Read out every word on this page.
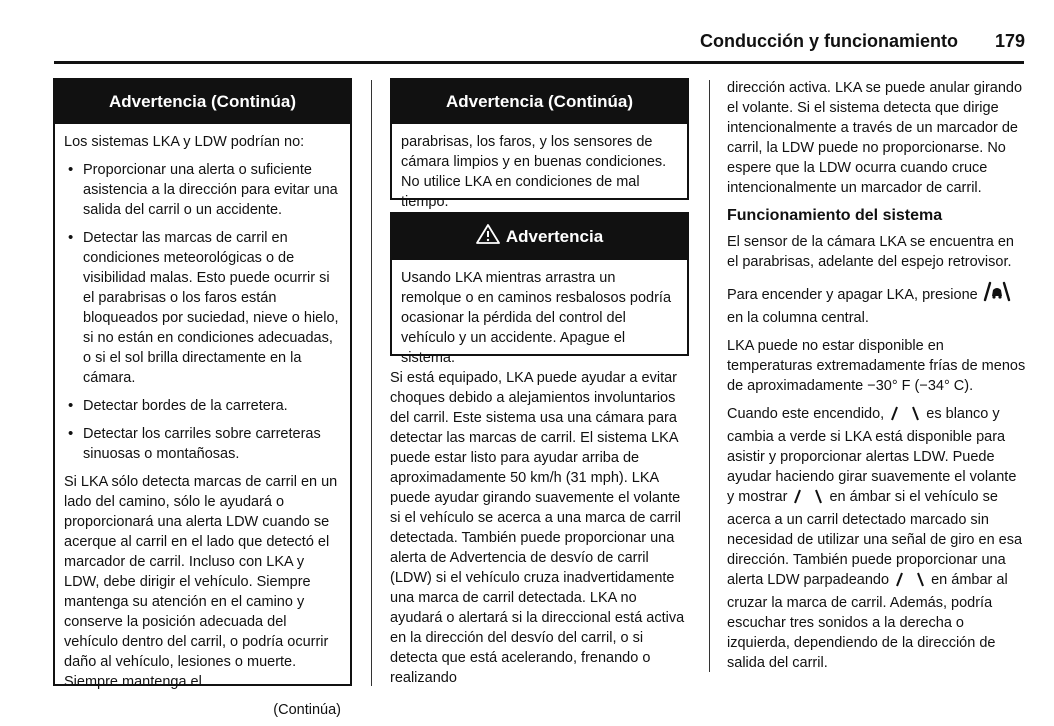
Conducción y funcionamiento 179
Advertencia (Continúa)

Los sistemas LKA y LDW podrían no:

• Proporcionar una alerta o suficiente asistencia a la dirección para evitar una salida del carril o un accidente.
• Detectar las marcas de carril en condiciones meteorológicas o de visibilidad malas. Esto puede ocurrir si el parabrisas o los faros están bloqueados por suciedad, nieve o hielo, si no están en condiciones adecuadas, o si el sol brilla directamente en la cámara.
• Detectar bordes de la carretera.
• Detectar los carriles sobre carreteras sinuosas o montañosas.

Si LKA sólo detecta marcas de carril en un lado del camino, sólo le ayudará o proporcionará una alerta LDW cuando se acerque al carril en el lado que detectó el marcador de carril. Incluso con LKA y LDW, debe dirigir el vehículo. Siempre mantenga su atención en el camino y conserve la posición adecuada del vehículo dentro del carril, o podría ocurrir daño al vehículo, lesiones o muerte. Siempre mantenga el

(Continúa)
Advertencia (Continúa)

parabrisas, los faros, y los sensores de cámara limpios y en buenas condiciones. No utilice LKA en condiciones de mal tiempo.

Advertencia

Usando LKA mientras arrastra un remolque o en caminos resbalosos podría ocasionar la pérdida del control del vehículo y un accidente. Apague el sistema.

Si está equipado, LKA puede ayudar a evitar choques debido a alejamientos involuntarios del carril. Este sistema usa una cámara para detectar las marcas de carril. El sistema LKA puede estar listo para ayudar arriba de aproximadamente 50 km/h (31 mph). LKA puede ayudar girando suavemente el volante si el vehículo se acerca a una marca de carril detectada. También puede proporcionar una alerta de Advertencia de desvío de carril (LDW) si el vehículo cruza inadvertidamente una marca de carril detectada. LKA no ayudará o alertará si la direccional está activa en la dirección del desvío del carril, o si detecta que está acelerando, frenando o realizando

dirección activa. LKA se puede anular girando el volante. Si el sistema detecta que dirige intencionalmente a través de un marcador de carril, la LDW puede no proporcionarse. No espere que la LDW ocurra cuando cruce intencionalmente un marcador de carril.

Funcionamiento del sistema

El sensor de la cámara LKA se encuentra en el parabrisas, adelante del espejo retrovisor.

Para encender y apagar LKA, presione  en la columna central.

LKA puede no estar disponible en temperaturas extremadamente frías de menos de aproximadamente −30° F (−34° C).

Cuando este encendido,	es blanco y cambia a verde si LKA está disponible para asistir y proporcionar alertas LDW. Puede ayudar haciendo girar suavemente el volante y mostrar	en ámbar si el vehículo se acerca a un carril detectado marcado sin necesidad de utilizar una señal de giro en esa dirección. También puede proporcionar una alerta LDW parpadeando	en ámbar al cruzar la marca de carril. Además, podría escuchar tres sonidos a la derecha o izquierda, dependiendo de la dirección de salida del carril.
